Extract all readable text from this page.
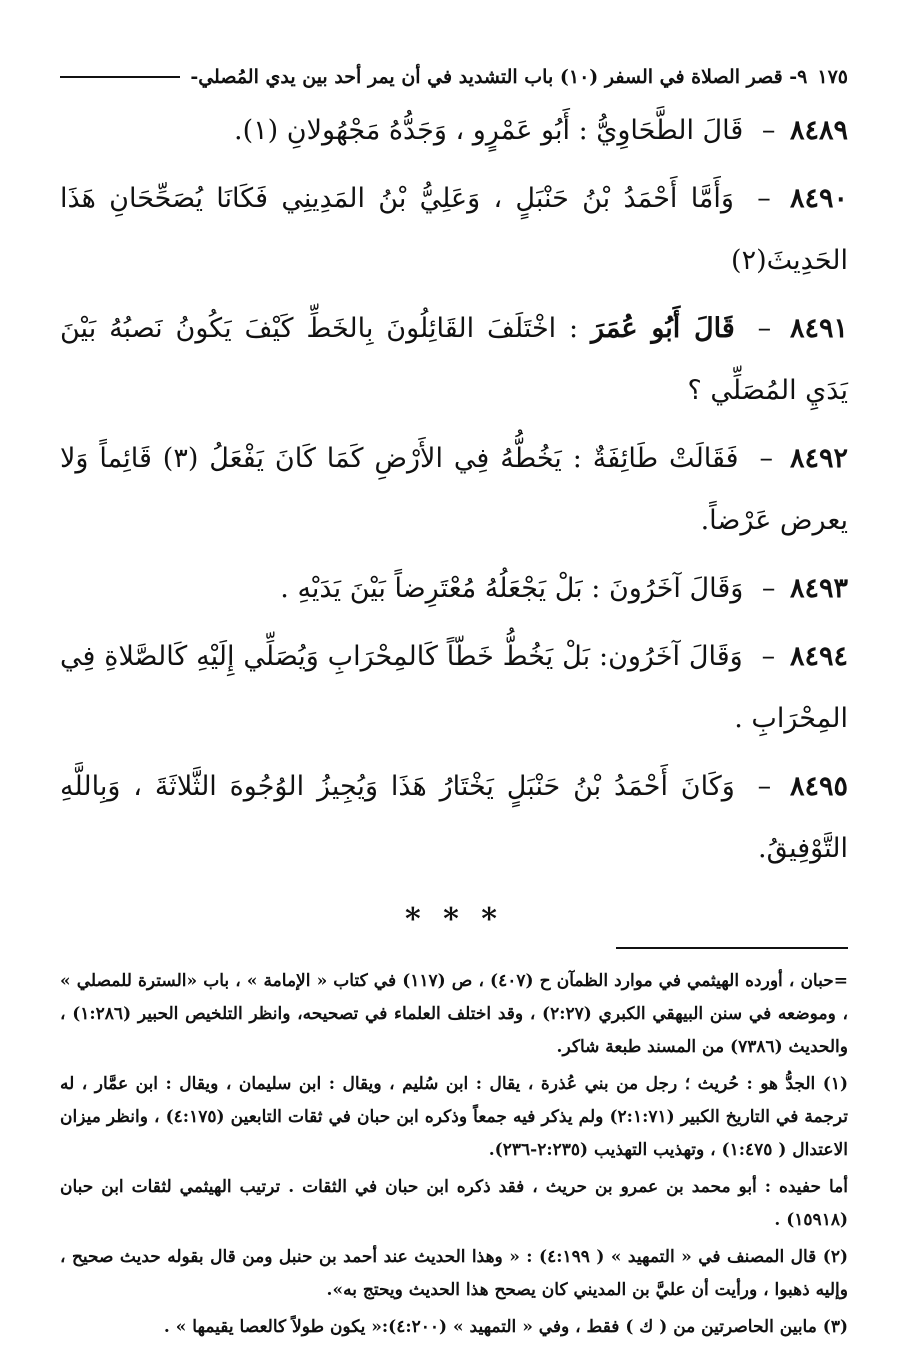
١٧٥
٩- قصر الصلاة في السفر (١٠) باب التشديد في أن يمر أحد بين يدي المُصلي-

٨٤٨٩ – قَالَ الطَّحَاوِيُّ : أَبُو عَمْرٍو ، وَجَدُّهُ مَجْهُولانِ (١).

٨٤٩٠ – وَأَمَّا أَحْمَدُ بْنُ حَنْبَلٍ ، وَعَلِيُّ بْنُ المَدِينِي فَكَانَا يُصَحِّحَانِ هَذَا الحَدِيثَ(٢)

٨٤٩١ – قَالَ أَبُو عُمَرَ : اخْتَلَفَ القَائِلُونَ بِالخَطِّ كَيْفَ يَكُونُ نَصبُهُ بَيْنَ يَدَيِ المُصَلِّي ؟

٨٤٩٢ – فَقَالَتْ طَائِفَةٌ : يَخُطُّهُ فِي الأَرْضِ كَمَا كَانَ يَفْعَلُ (٣) قَائِماً وَلا يعرض عَرْضاً.

٨٤٩٣ – وَقَالَ آخَرُونَ : بَلْ يَجْعَلُهُ مُعْتَرِضاً بَيْنَ يَدَيْهِ .

٨٤٩٤ – وَقَالَ آخَرُون: بَلْ يَخُطُّ خَطّاً كَالمِحْرَابِ وَيُصَلِّي إِلَيْهِ كَالصَّلاةِ فِي المِحْرَابِ .

٨٤٩٥ – وَكَانَ أَحْمَدُ بْنُ حَنْبَلٍ يَخْتَارُ هَذَا وَيُجِيزُ الوُجُوهَ الثَّلاثَةَ ، وَبِاللَّهِ التَّوْفِيقُ.

* * *

=حبان ، أورده الهيثمي في موارد الظمآن ح (٤٠٧) ، ص (١١٧) في كتاب « الإمامة » ، باب «السترة للمصلي » ، وموضعه في سنن البيهقي الكبري (٢:٢٧) ، وقد اختلف العلماء في تصحيحه، وانظر التلخيص الحبير (١:٢٨٦) ، والحديث (٧٣٨٦) من المسند طبعة شاكر.

(١) الجدُّ هو : حُريث ؛ رجل من بني عُذرة ، يقال : ابن سُليم ، ويقال : ابن سليمان ، ويقال : ابن عمَّار ، له ترجمة في التاريخ الكبير (٢:١:٧١) ولم يذكر فيه جمعاً وذكره ابن حبان في ثقات التابعين (٤:١٧٥) ، وانظر ميزان الاعتدال ( ١:٤٧٥) ، وتهذيب التهذيب (٢:٢٣٥-٢٣٦).

أما حفيده : أبو محمد بن عمرو بن حريث ، فقد ذكره ابن حبان في الثقات . ترتيب الهيثمي لثقات ابن حبان (١٥٩١٨) .

(٢) قال المصنف في « التمهيد » ( ٤:١٩٩) : « وهذا الحديث عند أحمد بن حنبل ومن قال بقوله حديث صحيح ، وإليه ذهبوا ، ورأيت أن عليَّ بن المديني كان يصحح هذا الحديث ويحتج به».

(٣) مابين الحاصرتين من ( ك ) فقط ، وفي « التمهيد » (٤:٢٠٠):« يكون طولاً كالعصا يقيمها » .
